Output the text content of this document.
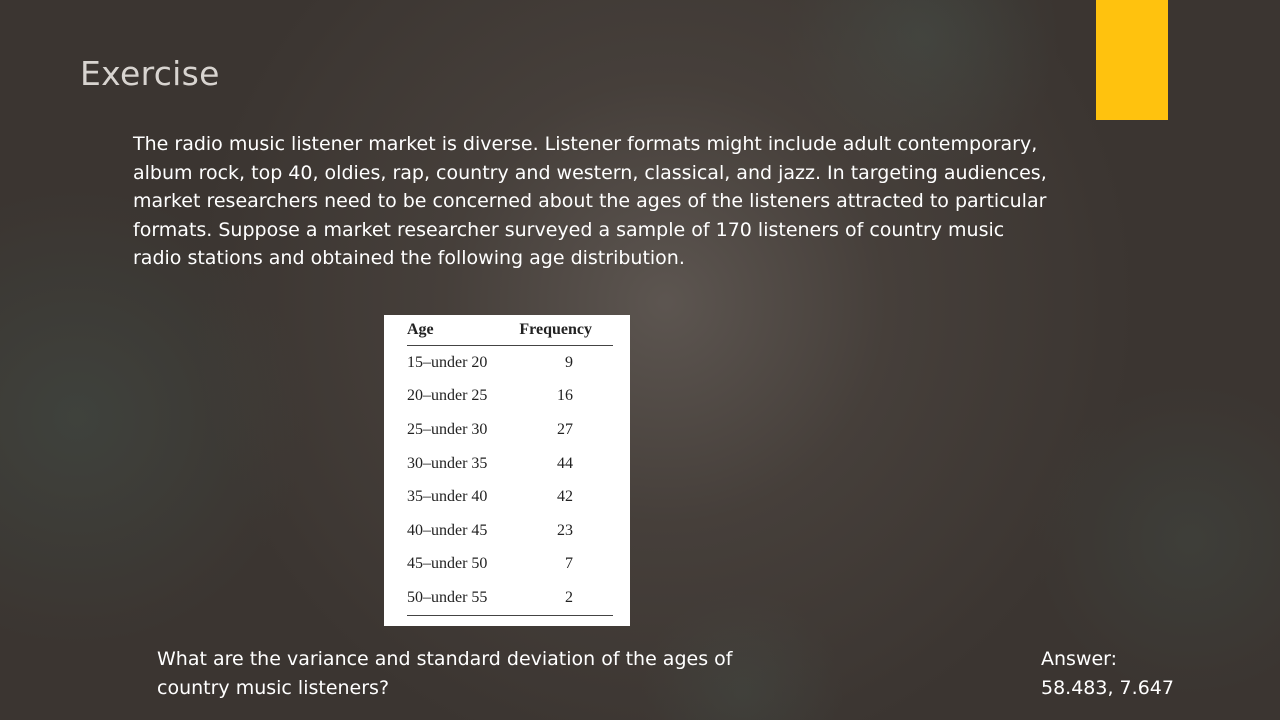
Exercise

The radio music listener market is diverse. Listener formats might include adult contemporary, album rock, top 40, oldies, rap, country and western, classical, and jazz. In targeting audiences, market researchers need to be concerned about the ages of the listeners attracted to particular formats. Suppose a market researcher surveyed a sample of 170 listeners of country music radio stations and obtained the following age distribution.

Age	Frequency
15–under 20	9
20–under 25	16
25–under 30	27
30–under 35	44
35–under 40	42
40–under 45	23
45–under 50	7
50–under 55	2

What are the variance and standard deviation of the ages of country music listeners?

Answer:
58.483, 7.647
